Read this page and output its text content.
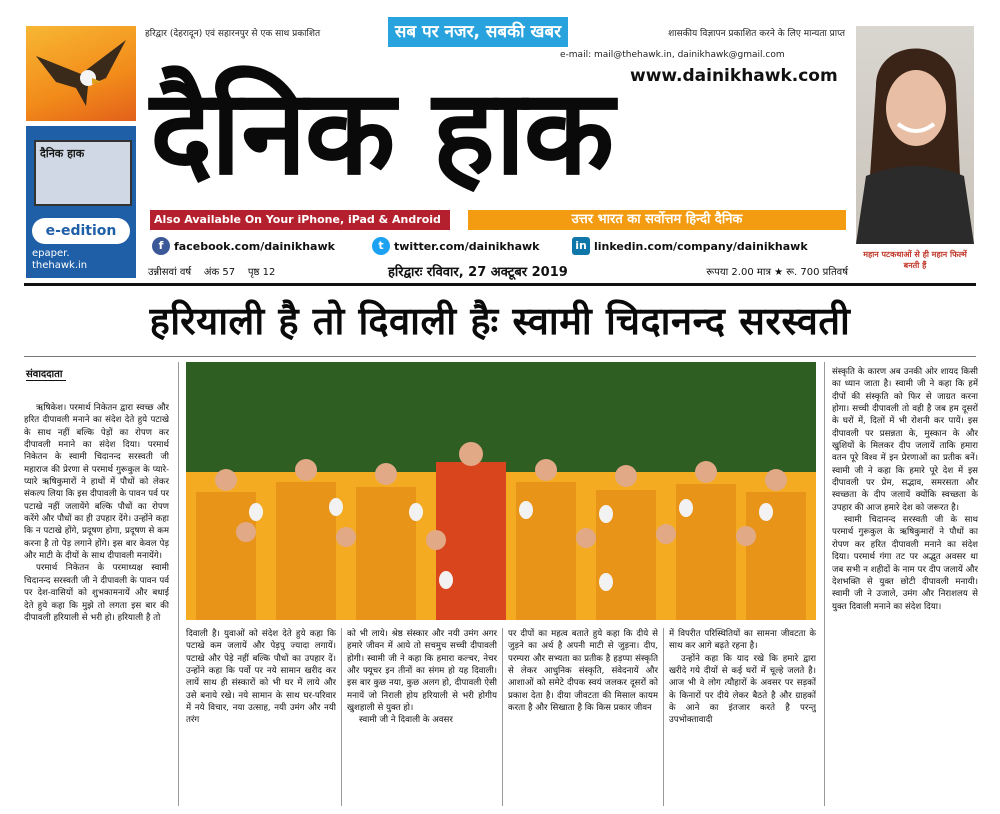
हरिद्वार (देहरादून) एवं सहारनपुर से एक साथ प्रकाशित	शासकीय विज्ञापन प्रकाशित करने के लिए मान्यता प्राप्त
सब पर नजर, सबकी खबर
e-mail: mail@thehawk.in, dainikhawk@gmail.com
www.dainikhawk.com
दैनिक हाक
दैनिक हाक
e-edition
epaper.
thehawk.in
Also Available On Your iPhone, iPad & Android	उत्तर भारत का सर्वोत्तम हिन्दी दैनिक
f facebook.com/dainikhawk	t twitter.com/dainikhawk	in linkedin.com/company/dainikhawk
उन्नीसवां वर्ष अंक 57 पृष्ठ 12	हरिद्वारः रविवार, 27 अक्टूबर 2019	रूपया 2.00 मात्र ★ रू. 700 प्रतिवर्ष
महान पटकथाओं से ही महान फिल्में बनती हैं
हरियाली है तो दिवाली हैः स्वामी चिदानन्द सरस्वती
संवाददाता

ऋषिकेश। परमार्थ निकेतन द्वारा स्वच्छ और हरित दीपावली मनाने का संदेश देते हुये पटाखे के साथ नहीं बल्कि पेड़ों का रोपण कर दीपावली मनाने का संदेश दिया। परमार्थ निकेतन के स्वामी चिदानन्द सरस्वती जी महाराज की प्रेरणा से परमार्थ गुरूकुल के प्यारे-प्यारे ऋषिकुमारों ने हाथों में पौधों को लेकर संकल्प लिया कि इस दीपावली के पावन पर्व पर पटाखे नहीं जलायेंगे बल्कि पौधों का रोपण करेंगे और पौधों का ही उपहार देंगे। उन्होंने कहा कि न पटाखे होंगे, प्रदूषण होगा, प्रदूषण से कम करना है तो पेड़ लगाने होंगे। इस बार केवल पेड़ और माटी के दीयों के साथ दीपावली मनायेंगे।

परमार्थ निकेतन के परमाध्यक्ष स्वामी चिदानन्द सरस्वती जी ने दीपावली के पावन पर्व पर देश-वासियों को शुभकामनायें और बधाई देते हुये कहा कि मुझे तो लगता इस बार की दीपावली हरियाली से भरी हो। हरियाली है तो

दिवाली है। युवाओं को संदेश देते हुये कहा कि पटाखे कम जलायें और पेड़पु ज्यादा लगायें। पटाखे और पेड़े नहीं बल्कि पौधों का उपहार दें। उन्होंने कहा कि पर्वो पर नये सामान खरीद कर लायें साथ ही संस्कारों को भी घर में लाये और उसे बनाये रखे। नये सामान के साथ घर-परिवार में नये विचार, नया उत्साह, नयी उमंग और नयी तरंग

को भी लाये। श्रेष्ठ संस्कार और नयी उमंग अगर हमारे जीवन में आये तो सचमुच सच्ची दीपावली होगी। स्वामी जी ने कहा कि हमारा कल्चर, नेचर और फ्यूचर इन तीनों का संगम हो यह दिवाली। इस बार कुछ नया, कुछ अलग हो, दीपावली ऐसी मनायें जो निराली होय हरियाली से भरी होगीय खुशहाली से युक्त हो।

स्वामी जी ने दिवाली के अवसर

पर दीपों का महत्व बताते हुये कहा कि दीये से जुड़ने का अर्थ है अपनी माटी से जुड़ना। दीप, परम्परा और सभ्यता का प्रतीक है हड़प्पा संस्कृति से लेकर आधुनिक संस्कृति, संवेदनायें और आशाओं को समेटे दीपक स्वयं जलकर दूसरों को प्रकाश देता है। दीया जीवटता की मिसाल कायम करता है और सिखाता है कि किस प्रकार जीवन

में विपरीत परिस्थितियों का सामना जीवटता के साथ कर आगे बढ़ते रहना है।

उन्होंने कहा कि याद रखे कि हमारे द्वारा खरीदे गये दीयों से कई घरों में चूल्हे जलते है। आज भी वे लोग त्यौहारों के अवसर पर सड़कों के किनारों पर दीये लेकर बैठते है और ग्राहकों के आने का इंतजार करते है परन्तु उपभोक्तावादी

संस्कृति के कारण अब उनकी ओर शायद किसी का ध्यान जाता है। स्वामी जी ने कहा कि हमें दीपों की संस्कृति को फिर से जाग्रत करना होगा। सच्ची दीपावली तो वही है जब हम दूसरों के घरों में, दिलों में भी रोशनी कर पायें। इस दीपावली पर प्रसन्नता के, मुस्कान के और खुशियों के मिलकर दीप जलायें ताकि हमारा वतन पूरे विश्व में इन प्रेरणाओं का प्रतीक बनें। स्वामी जी ने कहा कि हमारे पूरे देश में इस दीपावली पर प्रेम, सद्भाव, समरसता और स्वच्छता के दीप जलायें क्योंकि स्वच्छता के उपहार की आज हमारे देश को जरूरत है।

स्वामी चिदानन्द सरस्वती जी के साथ परमार्थ गुरूकुल के ऋषिकुमारों ने पौधों का रोपण कर हरित दीपावली मनाने का संदेश दिया। परमार्थ गंगा तट पर अद्भुत अवसर था जब सभी न शहीदों के नाम पर दीप जलायें और देशभक्ति से युक्त छोटी दीपावली मनायी। स्वामी जी ने उजाले, उमंग और निराशलय से युक्त दिवाली मनाने का संदेश दिया।
